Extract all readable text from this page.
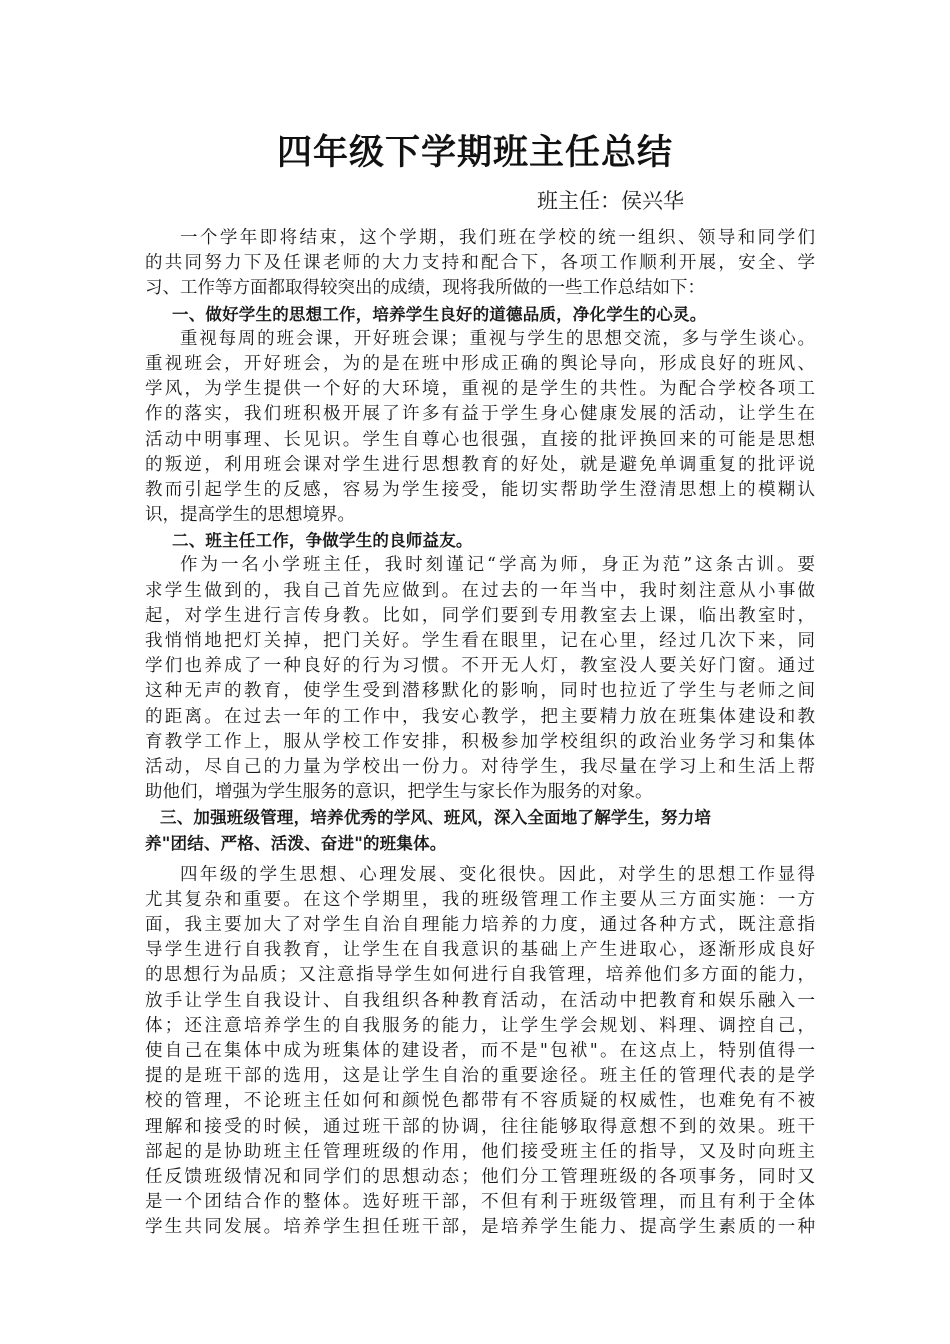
四年级下学期班主任总结
班主任：侯兴华
一个学年即将结束，这个学期，我们班在学校的统一组织、领导和同学们
的共同努力下及任课老师的大力支持和配合下，各项工作顺利开展，安全、学
习、工作等方面都取得较突出的成绩，现将我所做的一些工作总结如下：
一、做好学生的思想工作，培养学生良好的道德品质，净化学生的心灵。
重视每周的班会课，开好班会课；重视与学生的思想交流，多与学生谈心。
重视班会，开好班会，为的是在班中形成正确的舆论导向，形成良好的班风、
学风，为学生提供一个好的大环境，重视的是学生的共性。为配合学校各项工
作的落实，我们班积极开展了许多有益于学生身心健康发展的活动，让学生在
活动中明事理、长见识。学生自尊心也很强，直接的批评换回来的可能是思想
的叛逆，利用班会课对学生进行思想教育的好处，就是避免单调重复的批评说
教而引起学生的反感，容易为学生接受，能切实帮助学生澄清思想上的模糊认
识，提高学生的思想境界。
二、班主任工作，争做学生的良师益友。
作为一名小学班主任，我时刻谨记“学高为师，身正为范”这条古训。要
求学生做到的，我自己首先应做到。在过去的一年当中，我时刻注意从小事做
起，对学生进行言传身教。比如，同学们要到专用教室去上课，临出教室时，
我悄悄地把灯关掉，把门关好。学生看在眼里，记在心里，经过几次下来，同
学们也养成了一种良好的行为习惯。不开无人灯，教室没人要关好门窗。通过
这种无声的教育，使学生受到潜移默化的影响，同时也拉近了学生与老师之间
的距离。在过去一年的工作中，我安心教学，把主要精力放在班集体建设和教
育教学工作上，服从学校工作安排，积极参加学校组织的政治业务学习和集体
活动，尽自己的力量为学校出一份力。对待学生，我尽量在学习上和生活上帮
助他们，增强为学生服务的意识，把学生与家长作为服务的对象。
三、加强班级管理，培养优秀的学风、班风，深入全面地了解学生，努力培
养"团结、严格、活泼、奋进"的班集体。
四年级的学生思想、心理发展、变化很快。因此，对学生的思想工作显得
尤其复杂和重要。在这个学期里，我的班级管理工作主要从三方面实施：一方
面，我主要加大了对学生自治自理能力培养的力度，通过各种方式，既注意指
导学生进行自我教育，让学生在自我意识的基础上产生进取心，逐渐形成良好
的思想行为品质；又注意指导学生如何进行自我管理，培养他们多方面的能力，
放手让学生自我设计、自我组织各种教育活动，在活动中把教育和娱乐融入一
体；还注意培养学生的自我服务的能力，让学生学会规划、料理、调控自己，
使自己在集体中成为班集体的建设者，而不是"包袱"。在这点上，特别值得一
提的是班干部的选用，这是让学生自治的重要途径。班主任的管理代表的是学
校的管理，不论班主任如何和颜悦色都带有不容质疑的权威性，也难免有不被
理解和接受的时候，通过班干部的协调，往往能够取得意想不到的效果。班干
部起的是协助班主任管理班级的作用，他们接受班主任的指导，又及时向班主
任反馈班级情况和同学们的思想动态；他们分工管理班级的各项事务，同时又
是一个团结合作的整体。选好班干部，不但有利于班级管理，而且有利于全体
学生共同发展。培养学生担任班干部，是培养学生能力、提高学生素质的一种
